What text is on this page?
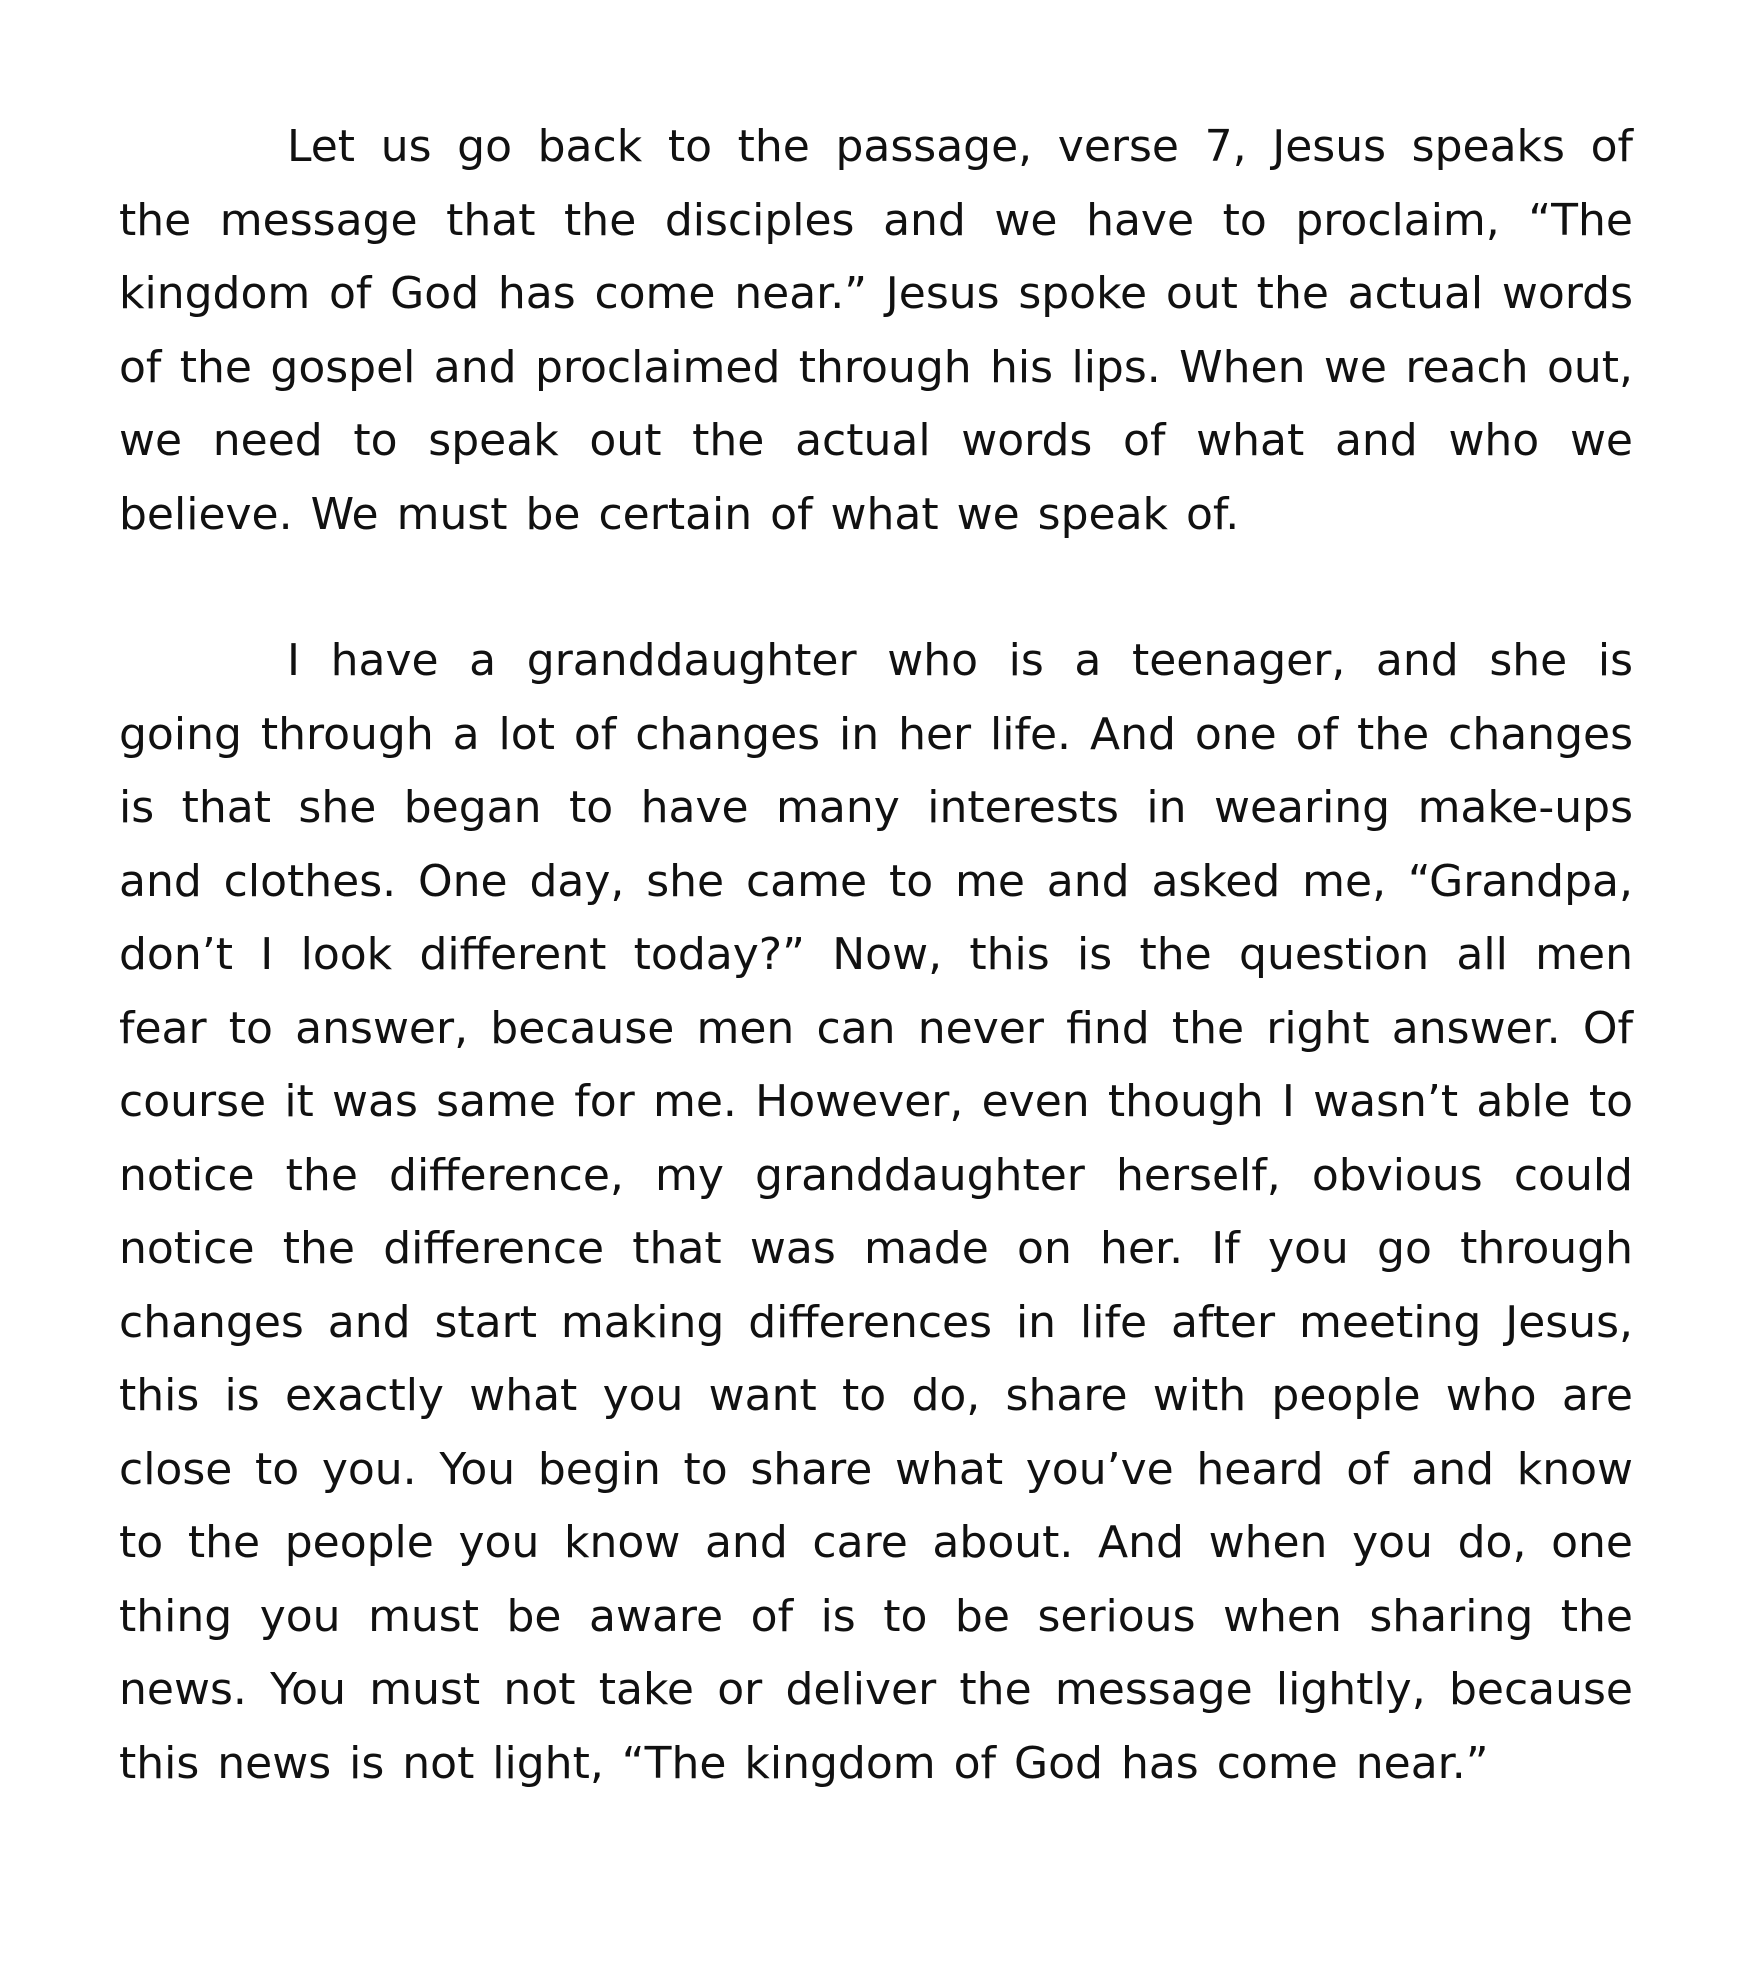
Let us go back to the passage, verse 7, Jesus speaks of the message that the disciples and we have to proclaim, “The kingdom of God has come near.” Jesus spoke out the actual words of the gospel and proclaimed through his lips. When we reach out, we need to speak out the actual words of what and who we believe. We must be certain of what we speak of.

I have a granddaughter who is a teenager, and she is going through a lot of changes in her life. And one of the changes is that she began to have many interests in wearing make-ups and clothes. One day, she came to me and asked me, “Grandpa, don’t I look different today?” Now, this is the question all men fear to answer, because men can never find the right answer. Of course it was same for me. However, even though I wasn’t able to notice the difference, my granddaughter herself, obvious could notice the difference that was made on her. If you go through changes and start making differences in life after meeting Jesus, this is exactly what you want to do, share with people who are close to you. You begin to share what you’ve heard of and know to the people you know and care about. And when you do, one thing you must be aware of is to be serious when sharing the news. You must not take or deliver the message lightly, because this news is not light, “The kingdom of God has come near.”
